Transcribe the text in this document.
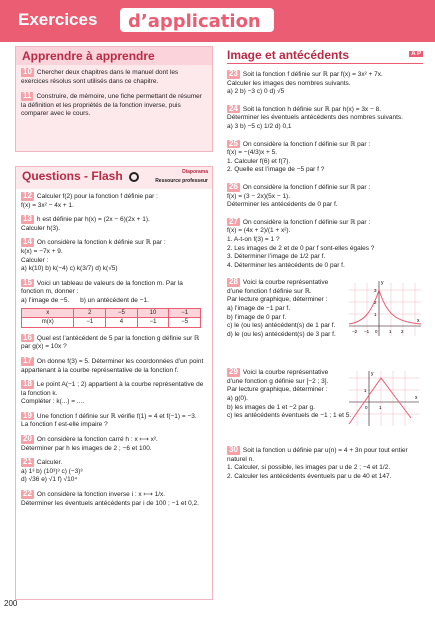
Exercices d’application
Apprendre à apprendre
10 Chercher deux chapitres dans le manuel dont les exercices résolus sont utilisés dans ce chapitre.
11 Construire, de mémoire, une fiche permettant de résumer la définition et les propriétés de la fonction inverse, puis comparer avec le cours.
Questions - Flash	Diaporama
Ressource professeur
12 Calculer f(2) pour la fonction f définie par :
f(x) = 3x² − 4x + 1.
13 h est définie par h(x) = (2x − 6)(2x + 1).
Calculer h(3).
14 On considère la fonction k définie sur ℝ par :
k(x) = −7x + 9.
Calculer :
a) k(10) b) k(−4) c) k(3/7) d) k(√5)
15 Voici un tableau de valeurs de la fonction m. Par la fonction m, donner :
a) l’image de −5. b) un antécédent de −1.
x	2	−5	10	−1
m(x)	−1	4	−1	−5
16 Quel est l’antécédent de 5 par la fonction g définie sur ℝ par g(x) = 10x ?
17 On donne f(3) = 5. Déterminer les coordonnées d’un point appartenant à la courbe représentative de la fonction f.
18 Le point A(−1 ; 2) appartient à la courbe représentative de la fonction k.
Compléter : k(...) = ....
19 Une fonction f définie sur ℝ vérifie f(1) = 4 et f(−1) = −3.
La fonction f est-elle impaire ?
20 On considère la fonction carré h : x ⟼ x².
Déterminer par h les images de 2 ; −6 et 100.
21 Calculer.
a) 1³ b) (10³)³ c) (−3)³
d) √36 e) √1 f) √10⁴
22 On considère la fonction inverse i : x ⟼ 1/x.
Déterminer les éventuels antécédents par i de 100 ; −1 et 0,2.
Image et antécédents	A P
23 Soit la fonction f définie sur ℝ par f(x) = 3x² + 7x.
Calculer les images des nombres suivants.
a) 2 b) −3 c) 0 d) √5
24 Soit la fonction h définie sur ℝ par h(x) = 3x − 8.
Déterminer les éventuels antécédents des nombres suivants.
a) 3 b) −5 c) 1/2 d) 0,1
25 On considère la fonction f définie sur ℝ par :
f(x) = −(4/3)x + 5.
1. Calculer f(6) et f(7).
2. Quelle est l’image de −5 par f ?
26 On considère la fonction f définie sur ℝ par :
f(x) = (3 − 2x)(5x − 1).
Déterminer les antécédents de 0 par f.
27 On considère la fonction f définie sur ℝ par :
f(x) = (4x + 2)/(1 + x²).
1. A-t-on f(3) = 1 ?
2. Les images de 2 et de 0 par f sont-elles égales ?
3. Déterminer l’image de 1/2 par f.
4. Déterminer les antécédents de 0 par f.
28 Voici la courbe représentative d’une fonction f définie sur ℝ.
Par lecture graphique, déterminer :
a) l’image de −1 par f.
b) l’image de 0 par f.
c) le (ou les) antécédent(s) de 1 par f.
d) le (ou les) antécédent(s) de 3 par f.
y
x
−2 −1 0	1 2
3
2
1
29 Voici la courbe représentative d’une fonction g définie sur [−2 ; 3].
Par lecture graphique, déterminer :
a) g(0).
b) les images de 1 et −2 par g.
c) les antécédents éventuels de −1 ; 1 et 5.
y
x
0	1
1
30 Soit la fonction u définie par u(n) = 4 + 3n pour tout entier naturel n.
1. Calculer, si possible, les images par u de 2 ; −4 et 1/2.
2. Calculer les antécédents éventuels par u de 40 et 147.
200
